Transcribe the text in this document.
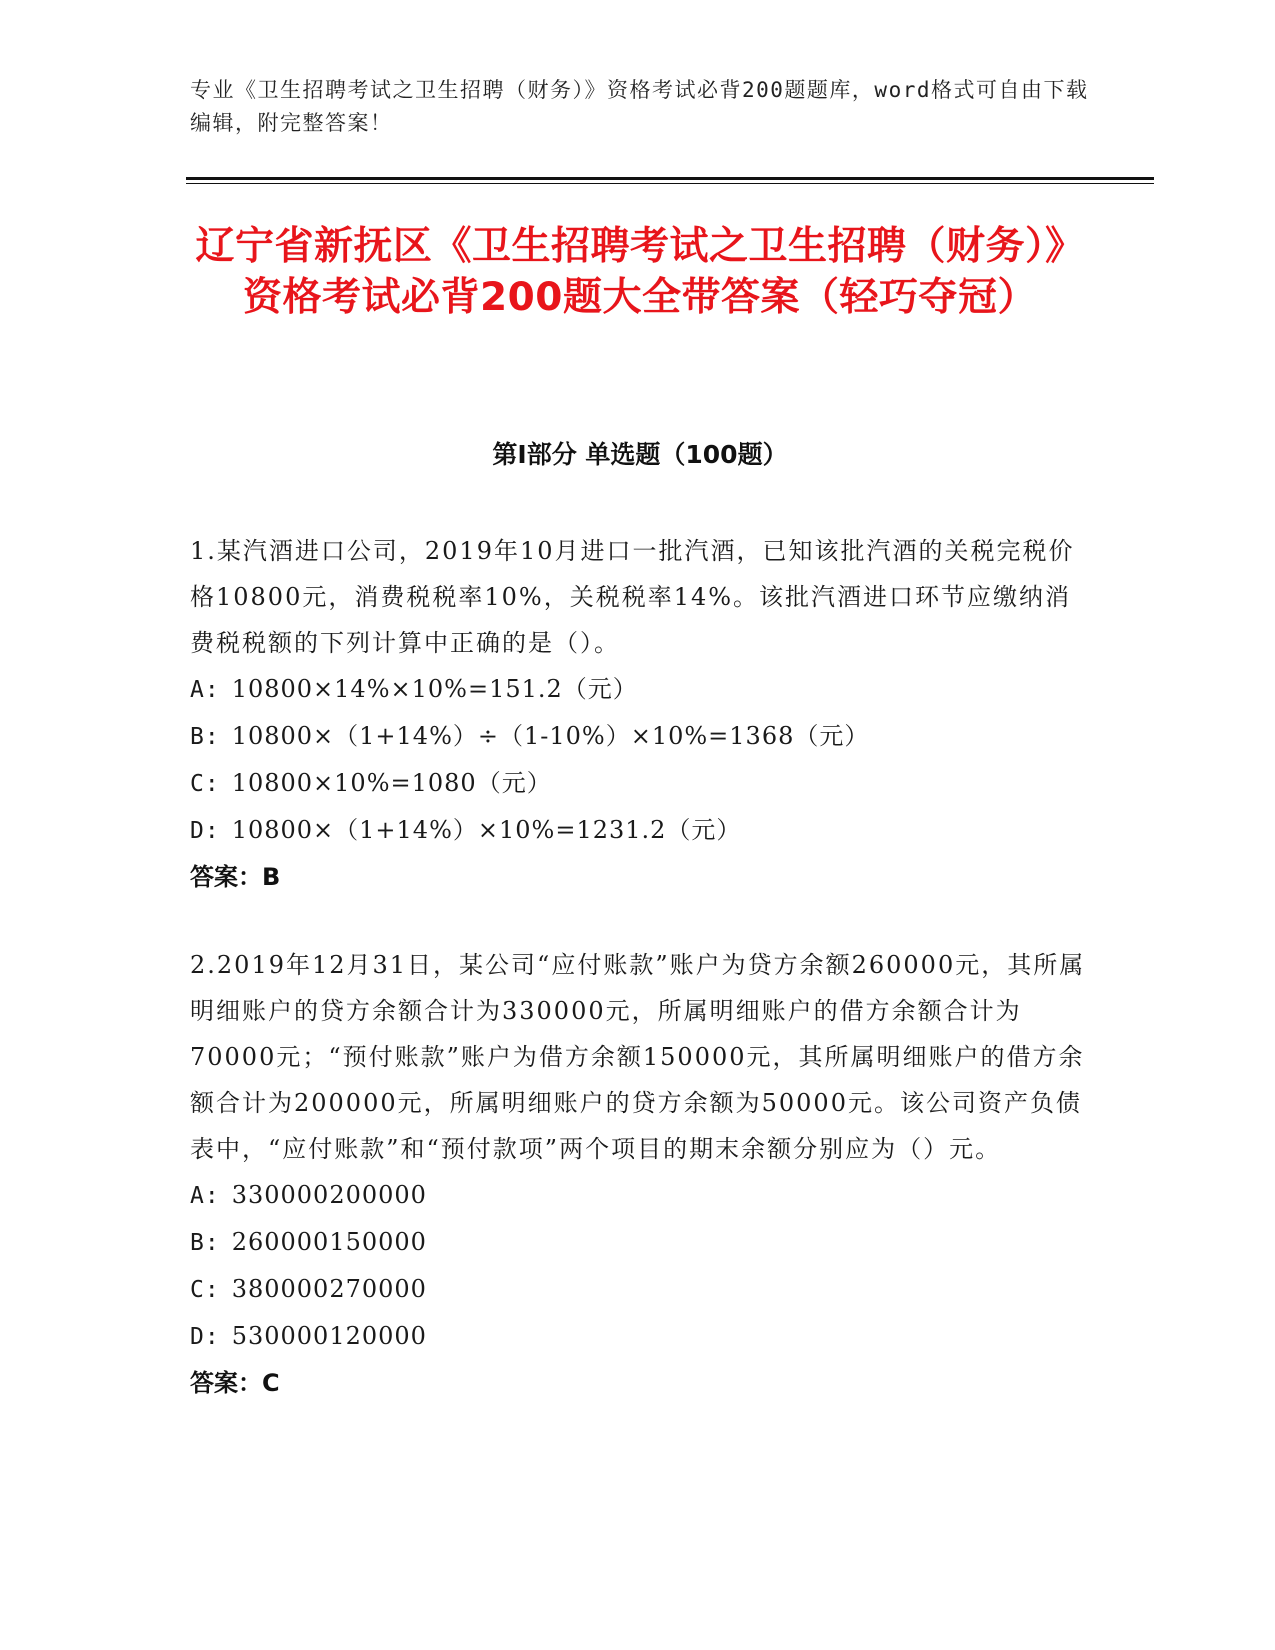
专业《卫生招聘考试之卫生招聘（财务）》资格考试必背200题题库，word格式可自由下载编辑，附完整答案！
辽宁省新抚区《卫生招聘考试之卫生招聘（财务）》资格考试必背200题大全带答案（轻巧夺冠）
第I部分 单选题（100题）
1.某汽酒进口公司，2019年10月进口一批汽酒，已知该批汽酒的关税完税价格10800元，消费税税率10%，关税税率14%。该批汽酒进口环节应缴纳消费税税额的下列计算中正确的是（）。
A: 10800×14%×10%=151.2（元）
B: 10800×（1+14%）÷（1-10%）×10%=1368（元）
C: 10800×10%=1080（元）
D: 10800×（1+14%）×10%=1231.2（元）
答案：B
2.2019年12月31日，某公司“应付账款”账户为贷方余额260000元，其所属明细账户的贷方余额合计为330000元，所属明细账户的借方余额合计为70000元；“预付账款”账户为借方余额150000元，其所属明细账户的借方余额合计为200000元，所属明细账户的贷方余额为50000元。该公司资产负债表中，“应付账款”和“预付款项”两个项目的期末余额分别应为（）元。
A: 330000200000
B: 260000150000
C: 380000270000
D: 530000120000
答案：C
